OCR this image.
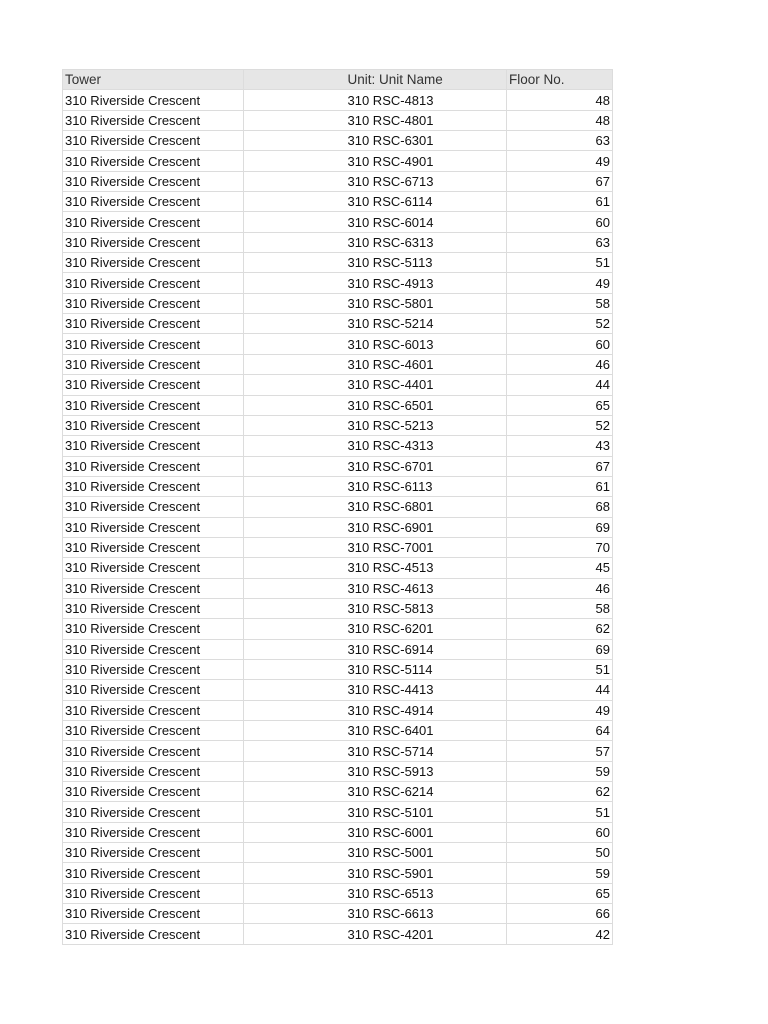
Tower		Unit: Unit Name	Floor No.
310 Riverside Crescent		310 RSC-4813	48
310 Riverside Crescent		310 RSC-4801	48
310 Riverside Crescent		310 RSC-6301	63
310 Riverside Crescent		310 RSC-4901	49
310 Riverside Crescent		310 RSC-6713	67
310 Riverside Crescent		310 RSC-6114	61
310 Riverside Crescent		310 RSC-6014	60
310 Riverside Crescent		310 RSC-6313	63
310 Riverside Crescent		310 RSC-5113	51
310 Riverside Crescent		310 RSC-4913	49
310 Riverside Crescent		310 RSC-5801	58
310 Riverside Crescent		310 RSC-5214	52
310 Riverside Crescent		310 RSC-6013	60
310 Riverside Crescent		310 RSC-4601	46
310 Riverside Crescent		310 RSC-4401	44
310 Riverside Crescent		310 RSC-6501	65
310 Riverside Crescent		310 RSC-5213	52
310 Riverside Crescent		310 RSC-4313	43
310 Riverside Crescent		310 RSC-6701	67
310 Riverside Crescent		310 RSC-6113	61
310 Riverside Crescent		310 RSC-6801	68
310 Riverside Crescent		310 RSC-6901	69
310 Riverside Crescent		310 RSC-7001	70
310 Riverside Crescent		310 RSC-4513	45
310 Riverside Crescent		310 RSC-4613	46
310 Riverside Crescent		310 RSC-5813	58
310 Riverside Crescent		310 RSC-6201	62
310 Riverside Crescent		310 RSC-6914	69
310 Riverside Crescent		310 RSC-5114	51
310 Riverside Crescent		310 RSC-4413	44
310 Riverside Crescent		310 RSC-4914	49
310 Riverside Crescent		310 RSC-6401	64
310 Riverside Crescent		310 RSC-5714	57
310 Riverside Crescent		310 RSC-5913	59
310 Riverside Crescent		310 RSC-6214	62
310 Riverside Crescent		310 RSC-5101	51
310 Riverside Crescent		310 RSC-6001	60
310 Riverside Crescent		310 RSC-5001	50
310 Riverside Crescent		310 RSC-5901	59
310 Riverside Crescent		310 RSC-6513	65
310 Riverside Crescent		310 RSC-6613	66
310 Riverside Crescent		310 RSC-4201	42
